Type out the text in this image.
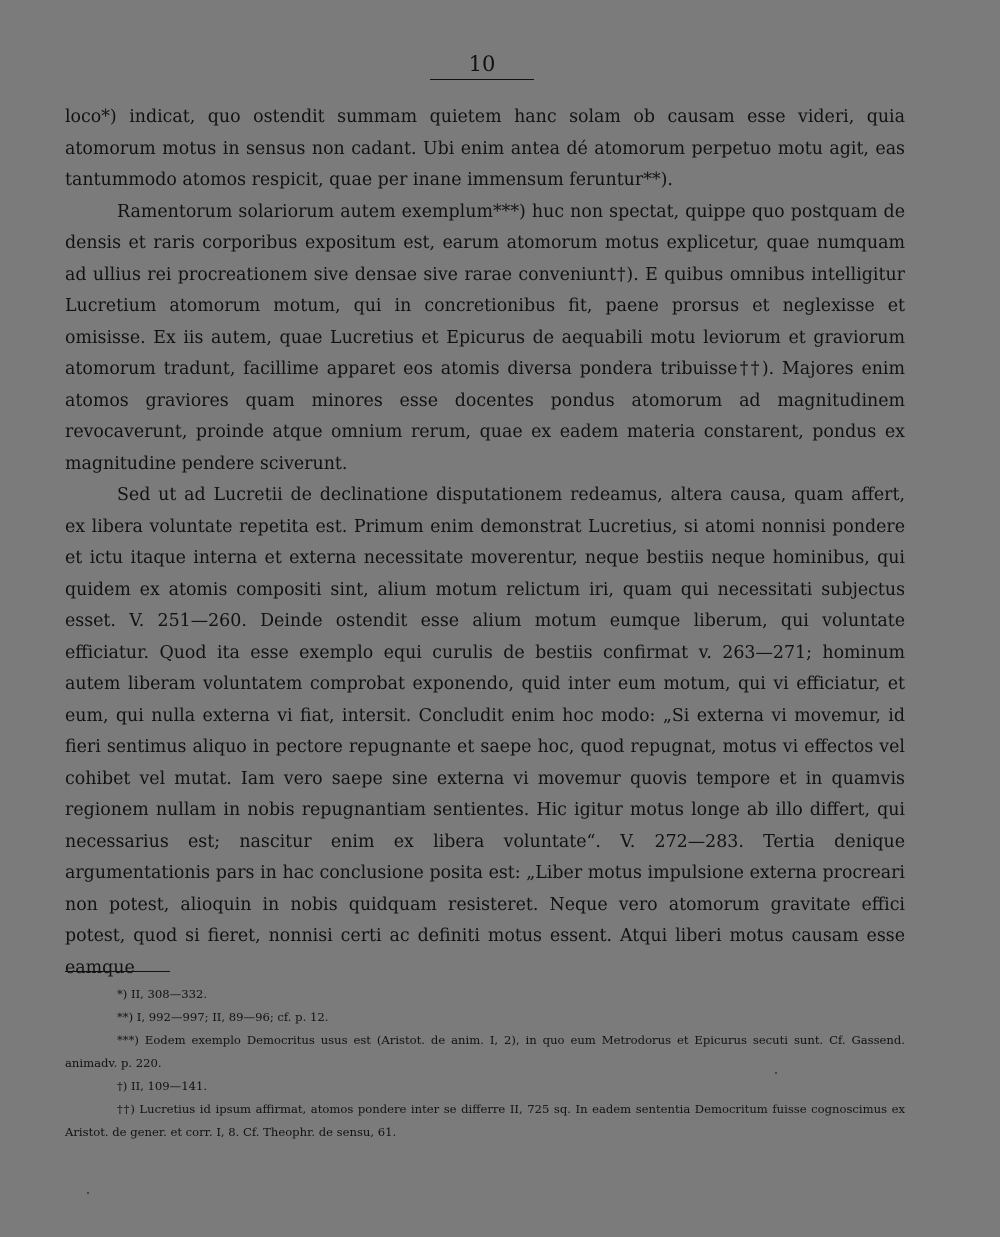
10

loco*) indicat, quo ostendit summam quietem hanc solam ob causam esse videri, quia atomorum motus in sensus non cadant. Ubi enim antea dé atomorum perpetuo motu agit, eas tantummodo atomos respicit, quae per inane immensum feruntur**).

Ramentorum solariorum autem exemplum***) huc non spectat, quippe quo postquam de densis et raris corporibus expositum est, earum atomorum motus explicetur, quae numquam ad ullius rei procreationem sive densae sive rarae conveniunt†). E quibus omnibus intelligitur Lucretium atomorum motum, qui in concretionibus fit, paene prorsus et neglexisse et omisisse. Ex iis autem, quae Lucretius et Epicurus de aequabili motu leviorum et graviorum atomorum tradunt, facillime apparet eos atomis diversa pondera tribuisse††). Majores enim atomos graviores quam minores esse docentes pondus atomorum ad magnitudinem revocaverunt, proinde atque omnium rerum, quae ex eadem materia constarent, pondus ex magnitudine pendere sciverunt.

Sed ut ad Lucretii de declinatione disputationem redeamus, altera causa, quam affert, ex libera voluntate repetita est. Primum enim demonstrat Lucretius, si atomi nonnisi pondere et ictu itaque interna et externa necessitate moverentur, neque bestiis neque hominibus, qui quidem ex atomis compositi sint, alium motum relictum iri, quam qui necessitati subjectus esset. V. 251—260. Deinde ostendit esse alium motum eumque liberum, qui voluntate efficiatur. Quod ita esse exemplo equi curulis de bestiis confirmat v. 263—271; hominum autem liberam voluntatem comprobat exponendo, quid inter eum motum, qui vi efficiatur, et eum, qui nulla externa vi fiat, intersit. Concludit enim hoc modo: „Si externa vi movemur, id fieri sentimus aliquo in pectore repugnante et saepe hoc, quod repugnat, motus vi effectos vel cohibet vel mutat. Iam vero saepe sine externa vi movemur quovis tempore et in quamvis regionem nullam in nobis repugnantiam sentientes. Hic igitur motus longe ab illo differt, qui necessarius est; nascitur enim ex libera voluntate“. V. 272—283. Tertia denique argumentationis pars in hac conclusione posita est: „Liber motus impulsione externa procreari non potest, alioquin in nobis quidquam resisteret. Neque vero atomorum gravitate effici potest, quod si fieret, nonnisi certi ac definiti motus essent. Atqui liberi motus causam esse eamque

*) II, 308—332.

**) I, 992—997; II, 89—96; cf. p. 12.

***) Eodem exemplo Democritus usus est (Aristot. de anim. I, 2), in quo eum Metrodorus et Epicurus secuti sunt. Cf. Gassend. animadv. p. 220.

†) II, 109—141.

††) Lucretius id ipsum affirmat, atomos pondere inter se differre II, 725 sq. In eadem sententia Democritum fuisse cognoscimus ex Aristot. de gener. et corr. I, 8. Cf. Theophr. de sensu, 61.
